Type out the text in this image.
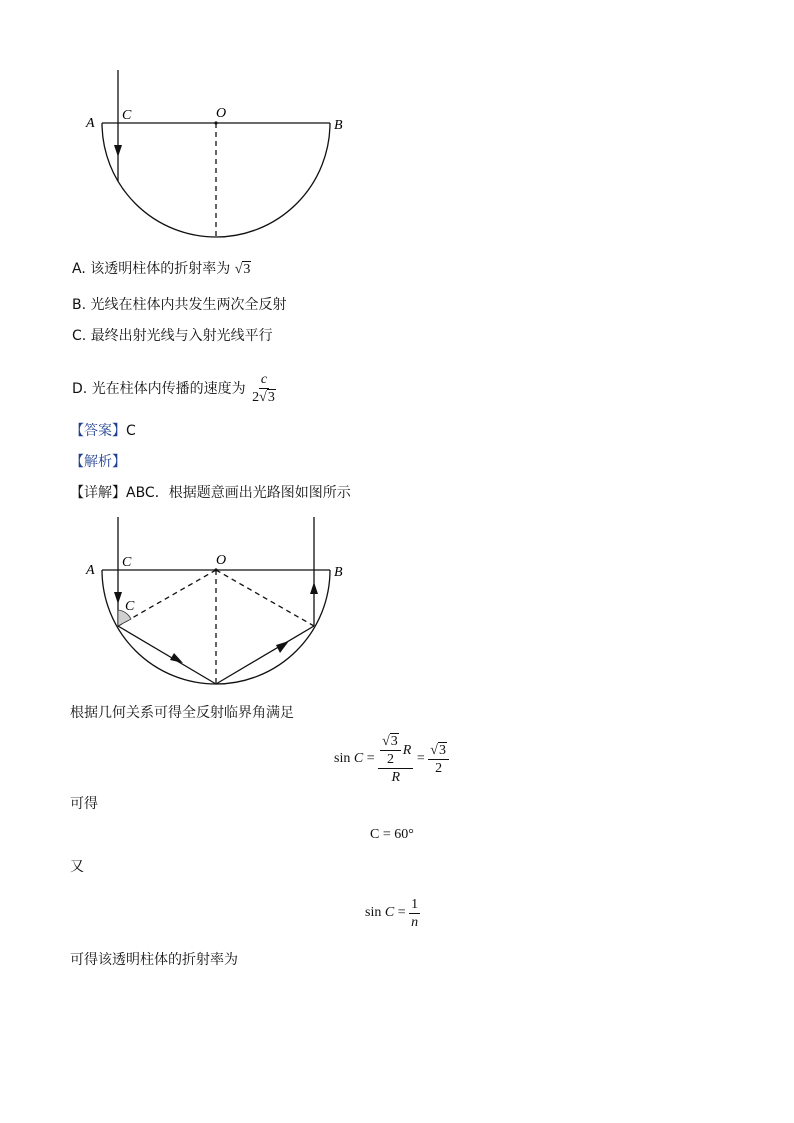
A
C	O
B
A. 该透明柱体的折射率为 √3
B. 光线在柱体内共发生两次全反射
C. 最终出射光线与入射光线平行
D.
光在柱体内传播的速度为
$\frac{c}{2√3}$
【答案】C
【解析】
【详解】ABC．根据题意画出光路图如图所示
A
C	O
B
C
根据几何关系可得全反射临界角满足
sin
C
=
$\frac{\frac{√3}{2} R}{R}$
=
$\frac{√3}{2}$
可得
C = 60°
又
sin
C
=
$\frac{1}{n}$
可得该透明柱体的折射率为
